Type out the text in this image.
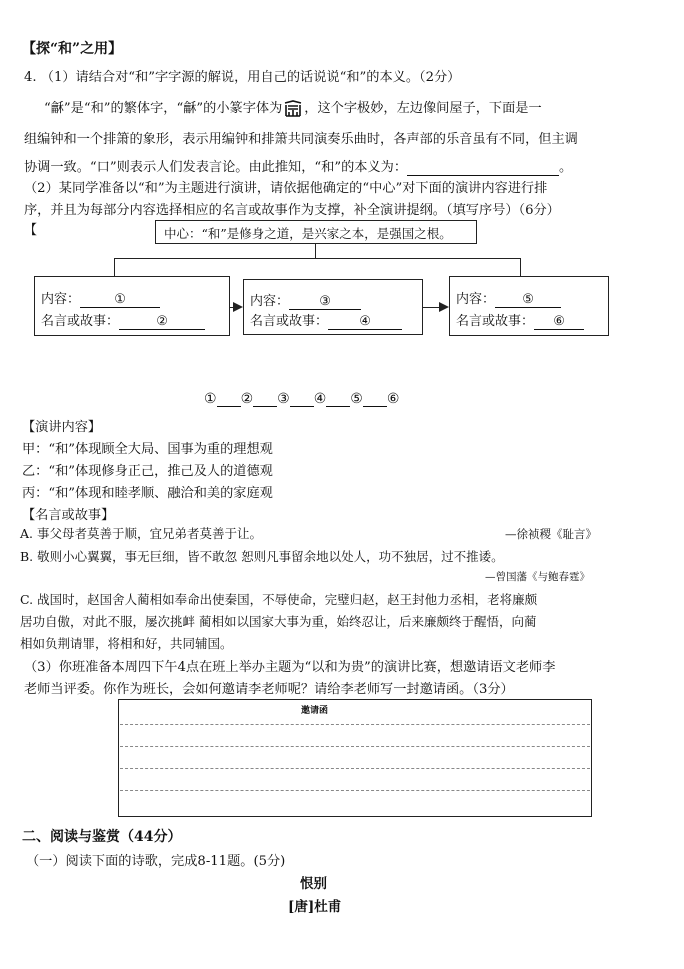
【探“和”之用】
4. （1）请结合对“和”字字源的解说，用自己的话说说“和”的本义。（2分）
“龢”是“和”的繁体字，“龢”的小篆字体为 ，这个字极妙，左边像间屋子，下面是一
组编钟和一个排箫的象形，表示用编钟和排箫共同演奏乐曲时，各声部的乐音虽有不同，但主调
协调一致。“口”则表示人们发表言论。由此推知，“和”的本义为：	。
（2）某同学准备以“和”为主题进行演讲，请依据他确定的“中心”对下面的演讲内容进行排
序，并且为每部分内容选择相应的名言或故事作为支撑，补全演讲提纲。（填写序号）（6分）
【	中心：“和”是修身之道，是兴家之本，是强国之根。
内容：	①
名言或故事：	②
内容： ③
名言或故事： ④
内容： ⑤
名言或故事： ⑥
① ② ③ ④ ⑤ ⑥
【演讲内容】
甲：“和”体现顾全大局、国事为重的理想观
乙：“和”体现修身正己，推己及人的道德观
丙：“和”体现和睦孝顺、融洽和美的家庭观
【名言或故事】
A. 事父母者莫善于顺，宜兄弟者莫善于让。	—徐祯稷《耻言》
B. 敬则小心翼翼，事无巨细，皆不敢忽 恕则凡事留余地以处人，功不独居，过不推诿。
—曾国藩《与鲍春霆》
C. 战国时，赵国舍人蔺相如奉命出使秦国，不辱使命，完璧归赵，赵王封他力丞相，老将廉颇
居功自傲，对此不服，屡次挑衅 蔺相如以国家大事为重，始终忍让，后来廉颇终于醒悟，向蔺
相如负荆请罪，将相和好，共同辅国。
（3）你班准备本周四下午4点在班上举办主题为“以和为贵”的演讲比赛，想邀请语文老师李
老师当评委。你作为班长，会如何邀请李老师呢？请给李老师写一封邀请函。（3分）
邀请函
二、阅读与鉴赏（44分）
（一）阅读下面的诗歌，完成8-11题。(5分)
恨别
[唐]杜甫
